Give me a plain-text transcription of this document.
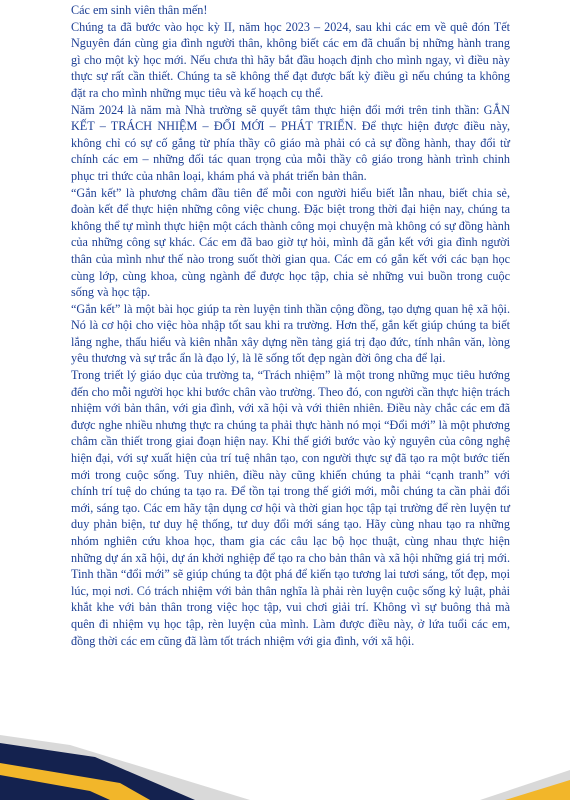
Các em sinh viên thân mến!

Chúng ta đã bước vào học kỳ II, năm học 2023 – 2024, sau khi các em về quê đón Tết Nguyên đán cùng gia đình người thân, không biết các em đã chuẩn bị những hành trang gì cho một kỳ học mới. Nếu chưa thì hãy bắt đầu hoạch định cho mình ngay, vì điều này thực sự rất cần thiết. Chúng ta sẽ không thể đạt được bất kỳ điều gì nếu chúng ta không đặt ra cho mình những mục tiêu và kế hoạch cụ thể.

Năm 2024 là năm mà Nhà trường sẽ quyết tâm thực hiện đổi mới trên tinh thần: GẮN KẾT – TRÁCH NHIỆM – ĐỔI MỚI – PHÁT TRIỂN. Để thực hiện được điều này, không chỉ có sự cố gắng từ phía thầy cô giáo mà phải có cả sự đồng hành, thay đổi từ chính các em – những đối tác quan trọng của mỗi thầy cô giáo trong hành trình chinh phục tri thức của nhân loại, khám phá và phát triển bản thân.

“Gắn kết” là phương châm đầu tiên để mỗi con người hiểu biết lẫn nhau, biết chia sẻ, đoàn kết để thực hiện những công việc chung. Đặc biệt trong thời đại hiện nay, chúng ta không thể tự mình thực hiện một cách thành công mọi chuyện mà không có sự đồng hành của những công sự khác. Các em đã bao giờ tự hỏi, mình đã gắn kết với gia đình người thân của mình như thế nào trong suốt thời gian qua. Các em có gắn kết với các bạn học cùng lớp, cùng khoa, cùng ngành để được học tập, chia sẻ những vui buồn trong cuộc sống và học tập.

“Gắn kết” là một bài học giúp ta rèn luyện tinh thần cộng đồng, tạo dựng quan hệ xã hội. Nó là cơ hội cho việc hòa nhập tốt sau khi ra trường. Hơn thế, gắn kết giúp chúng ta biết lắng nghe, thấu hiểu và kiên nhẫn xây dựng nền tảng giá trị đạo đức, tính nhân văn, lòng yêu thương và sự trắc ẩn là đạo lý, là lẽ sống tốt đẹp ngàn đời ông cha để lại.

Trong triết lý giáo dục của trường ta, “Trách nhiệm” là một trong những mục tiêu hướng đến cho mỗi người học khi bước chân vào trường. Theo đó, con người cần thực hiện trách nhiệm với bản thân, với gia đình, với xã hội và với thiên nhiên. Điều này chắc các em đã được nghe nhiều nhưng thực ra chúng ta phải thực hành nó mọi “Đổi mới” là một phương châm cần thiết trong giai đoạn hiện nay. Khi thế giới bước vào kỷ nguyên của công nghệ hiện đại, với sự xuất hiện của trí tuệ nhân tạo, con người thực sự đã tạo ra một bước tiến mới trong cuộc sống. Tuy nhiên, điều này cũng khiến chúng ta phải “cạnh tranh” với chính trí tuệ do chúng ta tạo ra. Để tồn tại trong thế giới mới, mỗi chúng ta cần phải đổi mới, sáng tạo. Các em hãy tận dụng cơ hội và thời gian học tập tại trường để rèn luyện tư duy phản biện, tư duy hệ thống, tư duy đổi mới sáng tạo. Hãy cùng nhau tạo ra những nhóm nghiên cứu khoa học, tham gia các câu lạc bộ học thuật, cùng nhau thực hiện những dự án xã hội, dự án khởi nghiệp để tạo ra cho bản thân và xã hội những giá trị mới. Tinh thần “đổi mới” sẽ giúp chúng ta đột phá để kiến tạo tương lai tươi sáng, tốt đẹp, mọi lúc, mọi nơi. Có trách nhiệm với bản thân nghĩa là phải rèn luyện cuộc sống kỷ luật, phải khắt khe với bản thân trong việc học tập, vui chơi giải trí. Không vì sự buông thả mà quên đi nhiệm vụ học tập, rèn luyện của mình. Làm được điều này, ở lứa tuổi các em, đồng thời các em cũng đã làm tốt trách nhiệm với gia đình, với xã hội.
